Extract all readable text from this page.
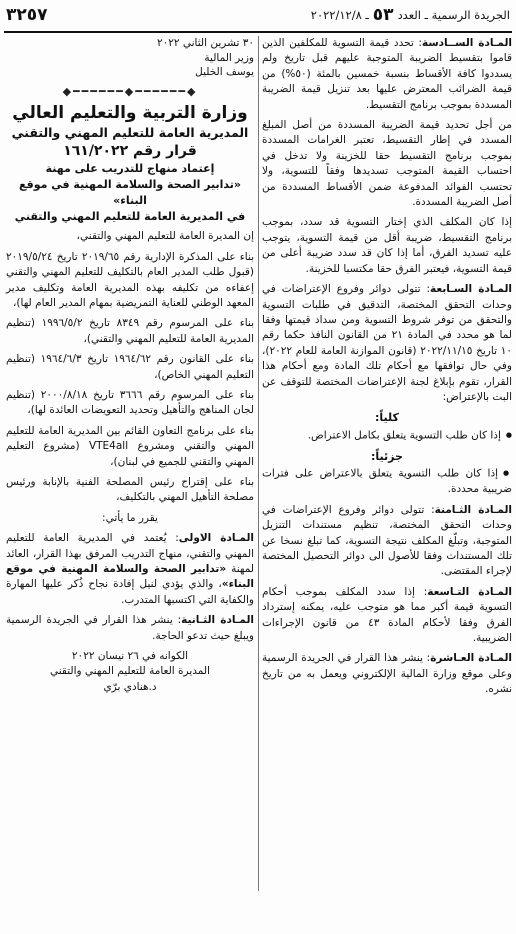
الجريدة الرسمية ـ العدد
٥٣
ـ ٢٠٢٢/١٢/٨
٣٢٥٧

المـادة الســادسة: تحدد قيمة التسوية للمكلفين الذين قاموا بتقسيط الضريبة المتوجبة عليهم قبل تاريخ ولم يسددوا كافة الأقساط بنسبة خمسين بالمئة (٥٠%) من قيمة الضرائب المعترض عليها بعد تنزيل قيمة الضريبة المسددة بموجب برنامج التقسيط.

من أجل تحديد قيمة الضريبة المسددة من أصل المبلغ المسدد في إطار التقسيط، تعتبر الغرامات المسددة بموجب برنامج التقسيط حقا للخزينة ولا تدخل في احتساب القيمة المتوجب تسديدها وفقاً للتسوية، ولا تحتسب الفوائد المدفوعة ضمن الأقساط المسددة من أصل الضريبة المسددة.

إذا كان المكلف الذي إختار التسوية قد سدد، بموجب برنامج التقسيط، ضريبة أقل من قيمة التسوية، يتوجب عليه تسديد الفرق، أما إذا كان قد سدد ضريبة أعلى من قيمة التسوية، فيعتبر الفرق حقا مكتسبا للخزينة.

المـادة السـابعة: تتولى دوائر وفروع الإعتراضات في وحدات التحقق المختصة، التدقيق في طلبات التسوية والتحقق من توفر شروط التسوية ومن سداد قيمتها وفقا لما هو محدد في المادة ٢١ من القانون النافذ حكما رقم ١٠ تاريخ ٢٠٢٢/١١/١٥ (قانون الموازنة العامة للعام ٢٠٢٢)، وفي حال توافقها مع أحكام تلك المادة ومع أحكام هذا القرار، تقوم بإبلاغ لجنة الإعتراضات المختصة للتوقف عن البت بالإعتراض:

كلياً:

● إذا كان طلب التسوية يتعلق بكامل الاعتراض.

جزئياً:

● إذا كان طلب التسوية يتعلق بالاعتراض على فترات ضريبية محددة.

المـادة الثـامنة: تتولى دوائر وفروع الإعتراضات في وحدات التحقق المختصة، تنظيم مستندات التنزيل المتوجبة، وتبلّغ المكلف نتيجة التسوية، كما تبلغ نسخا عن تلك المستندات وفقا للأصول الى دوائر التحصيل المختصة لإجراء المقتضى.

المـادة التـاسعة: إذا سدد المكلف بموجب أحكام التسوية قيمة أكبر مما هو متوجب عليه، يمكنه إسترداد الفرق وفقا لأحكام المادة ٤٣ من قانون الإجراءات الضريبية.

المـادة العـاشرة: ينشر هذا القرار في الجريدة الرسمية وعلى موقع وزارة المالية الإلكتروني ويعمل به من تاريخ نشره.

٣٠ تشرين الثاني ٢٠٢٢
وزير المالية
يوسف الخليل
◆━━━━━━◆━━━━━━◆
وزارة التربية والتعليم العالي
المديرية العامة للتعليم المهني والتقني
قرار رقم ١٦١/٢٠٢٢
إعتماد منهاج للتدريب على مهنة
«تدابير الصحة والسلامة المهنية في موقع البناء»
في المديرية العامة للتعليم المهني والتقني

إن المديرة العامة للتعليم المهني والتقني،

بناء على المذكرة الإدارية رقم ٢٠١٩/٦٥ تاريخ ٢٠١٩/٥/٢٤ (قبول طلب المدير العام بالتكليف للتعليم المهني والتقني إعفاءه من تكليفه بهذه المديرية العامة وتكليف مدير المعهد الوطني للعناية التمريضية بمهام المدير العام لها)،

بناء على المرسوم رقم ٨٣٤٩ تاريخ ١٩٩٦/٥/٢ (تنظيم المديرية العامة للتعليم المهني والتقني)،

بناء على القانون رقم ١٩٦٤/٦٢ تاريخ ١٩٦٤/٦/٣ (تنظيم التعليم المهني الخاص)،

بناء على المرسوم رقم ٣٦٦٦ تاريخ ٢٠٠٠/٨/١٨ (تنظيم لجان المناهج والتأهيل وتحديد التعويضات العائدة لها)،

بناء على برنامج التعاون القائم بين المديرية العامة للتعليم المهني والتقني ومشروع VTE4all (مشروع التعليم المهني والتقني للجميع في لبنان)،

بناء على إقتراح رئيس المصلحة الفنية بالإنابة ورئيس مصلحة التأهيل المهني بالتكليف،

يقرر ما يأتي:

المـادة الاولى: يُعتمد في المديرية العامة للتعليم المهني والتقني، منهاج التدريب المرفق بهذا القرار، العائد لمهنة «تدابير الصحة والسلامة المهنية في موقع البناء»، والذي يؤدي لنيل إفادة نجاح ذُكر عليها المهارة والكفاية التي اكتسبها المتدرب.

المـادة الثـانية: ينشر هذا القرار في الجريدة الرسمية ويبلغ حيث تدعو الحاجة.

الكوانه في ٢٦ نيسان ٢٠٢٢
المديرة العامة للتعليم المهني والتقني
د.هنادي برّي
